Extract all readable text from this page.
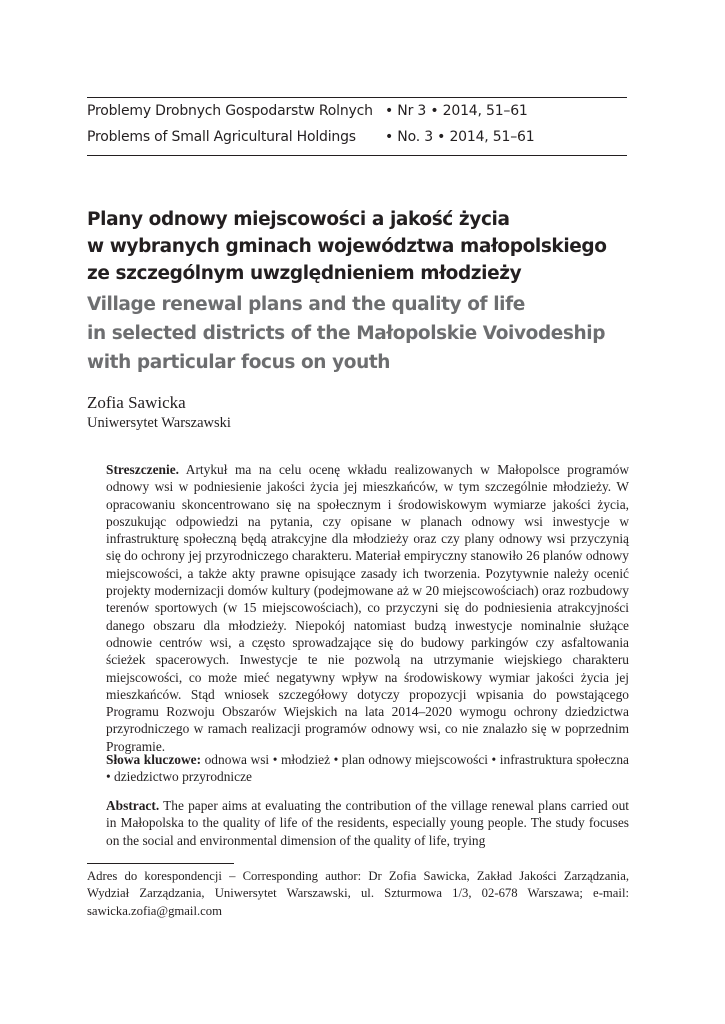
Problemy Drobnych Gospodarstw Rolnych • Nr 3 • 2014, 51–61
Problems of Small Agricultural Holdings • No. 3 • 2014, 51–61
Plany odnowy miejscowości a jakość życia
w wybranych gminach województwa małopolskiego
ze szczególnym uwzględnieniem młodzieży
Village renewal plans and the quality of life
in selected districts of the Małopolskie Voivodeship
with particular focus on youth
Zofia Sawicka
Uniwersytet Warszawski
Streszczenie. Artykuł ma na celu ocenę wkładu realizowanych w Małopolsce programów odnowy wsi w podniesienie jakości życia jej mieszkańców, w tym szczególnie młodzieży. W opracowaniu skoncentrowano się na społecznym i środowiskowym wymiarze jakości życia, poszukując odpowiedzi na pytania, czy opisane w planach odnowy wsi inwestycje w infrastrukturę społeczną będą atrakcyjne dla młodzieży oraz czy plany odnowy wsi przyczynią się do ochrony jej przyrodniczego charakteru. Materiał empiryczny stanowiło 26 planów odnowy miejscowości, a także akty prawne opisujące zasady ich tworzenia. Pozytywnie należy ocenić projekty modernizacji domów kultury (podejmowane aż w 20 miejscowościach) oraz rozbudowy terenów sportowych (w 15 miejscowościach), co przyczyni się do podniesienia atrakcyjności danego obszaru dla młodzieży. Niepokój natomiast budzą inwestycje nominalnie służące odnowie centrów wsi, a często sprowadzające się do budowy parkingów czy asfaltowania ścieżek spacerowych. Inwestycje te nie pozwolą na utrzymanie wiejskiego charakteru miejscowości, co może mieć negatywny wpływ na środowiskowy wymiar jakości życia jej mieszkańców. Stąd wniosek szczegółowy dotyczy propozycji wpisania do powstającego Programu Rozwoju Obszarów Wiejskich na lata 2014–2020 wymogu ochrony dziedzictwa przyrodniczego w ramach realizacji programów odnowy wsi, co nie znalazło się w poprzednim Programie.
Słowa kluczowe: odnowa wsi • młodzież • plan odnowy miejscowości • infrastruktura społeczna • dziedzictwo przyrodnicze
Abstract. The paper aims at evaluating the contribution of the village renewal plans carried out in Małopolska to the quality of life of the residents, especially young people. The study focuses on the social and environmental dimension of the quality of life, trying
Adres do korespondencji – Corresponding author: Dr Zofia Sawicka, Zakład Jakości Zarządzania, Wydział Zarządzania, Uniwersytet Warszawski, ul. Szturmowa 1/3, 02-678 Warszawa; e-mail: sawicka.zofia@gmail.com
